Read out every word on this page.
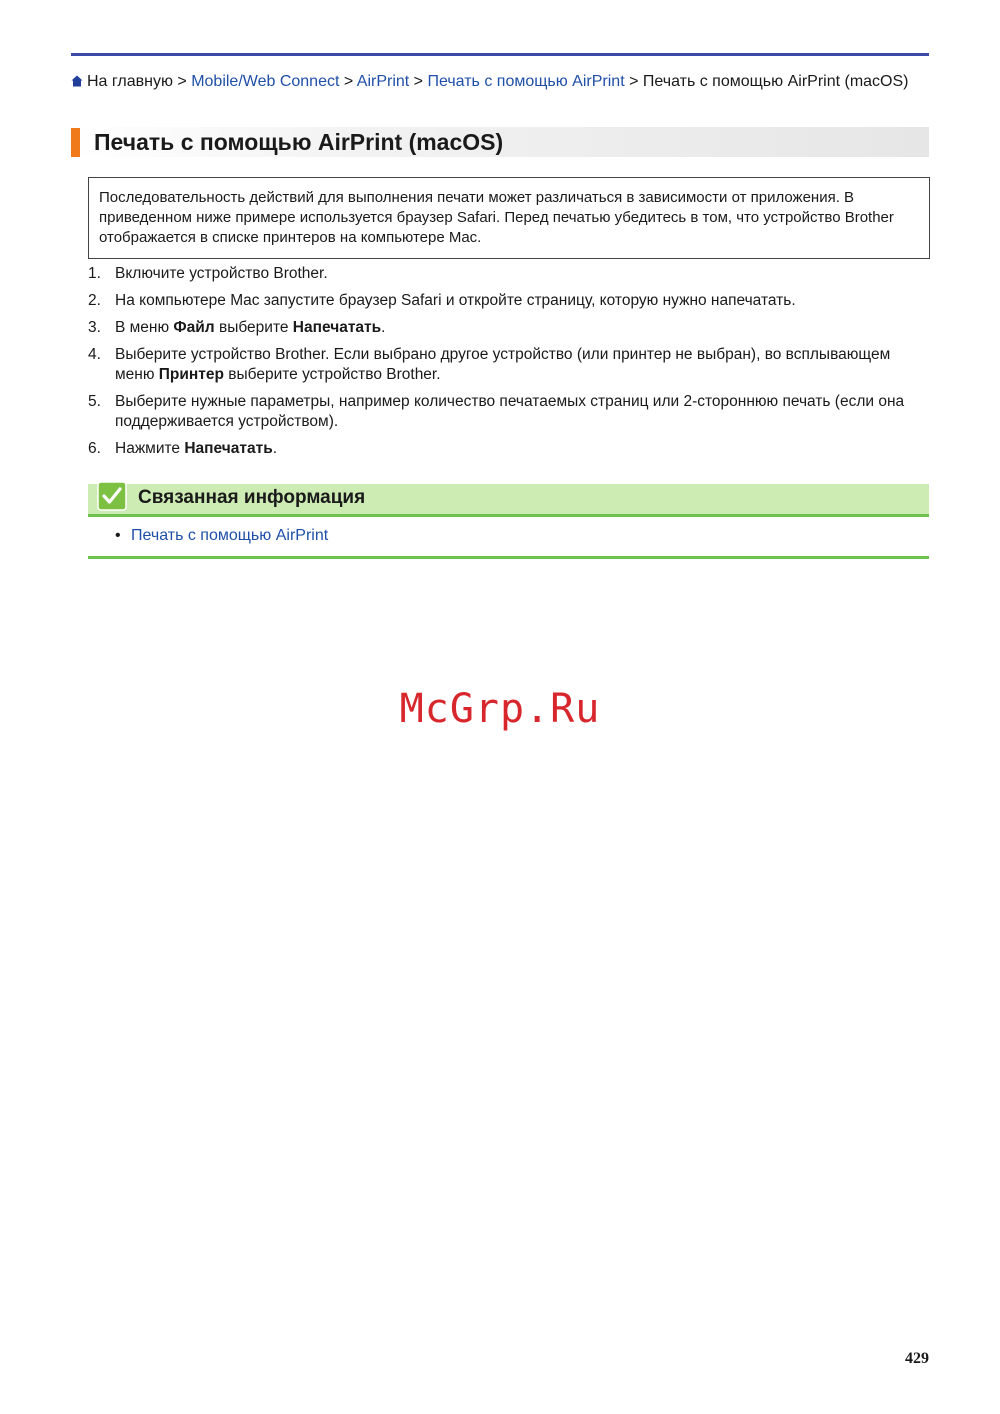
На главную > Mobile/Web Connect > AirPrint > Печать с помощью AirPrint > Печать с помощью AirPrint (macOS)
Печать с помощью AirPrint (macOS)
Последовательность действий для выполнения печати может различаться в зависимости от приложения. В приведенном ниже примере используется браузер Safari. Перед печатью убедитесь в том, что устройство Brother отображается в списке принтеров на компьютере Mac.
1. Включите устройство Brother.
2. На компьютере Mac запустите браузер Safari и откройте страницу, которую нужно напечатать.
3. В меню Файл выберите Напечатать.
4. Выберите устройство Brother. Если выбрано другое устройство (или принтер не выбран), во всплывающем меню Принтер выберите устройство Brother.
5. Выберите нужные параметры, например количество печатаемых страниц или 2-стороннюю печать (если она поддерживается устройством).
6. Нажмите Напечатать.
Связанная информация
• Печать с помощью AirPrint
McGrp.Ru
429
